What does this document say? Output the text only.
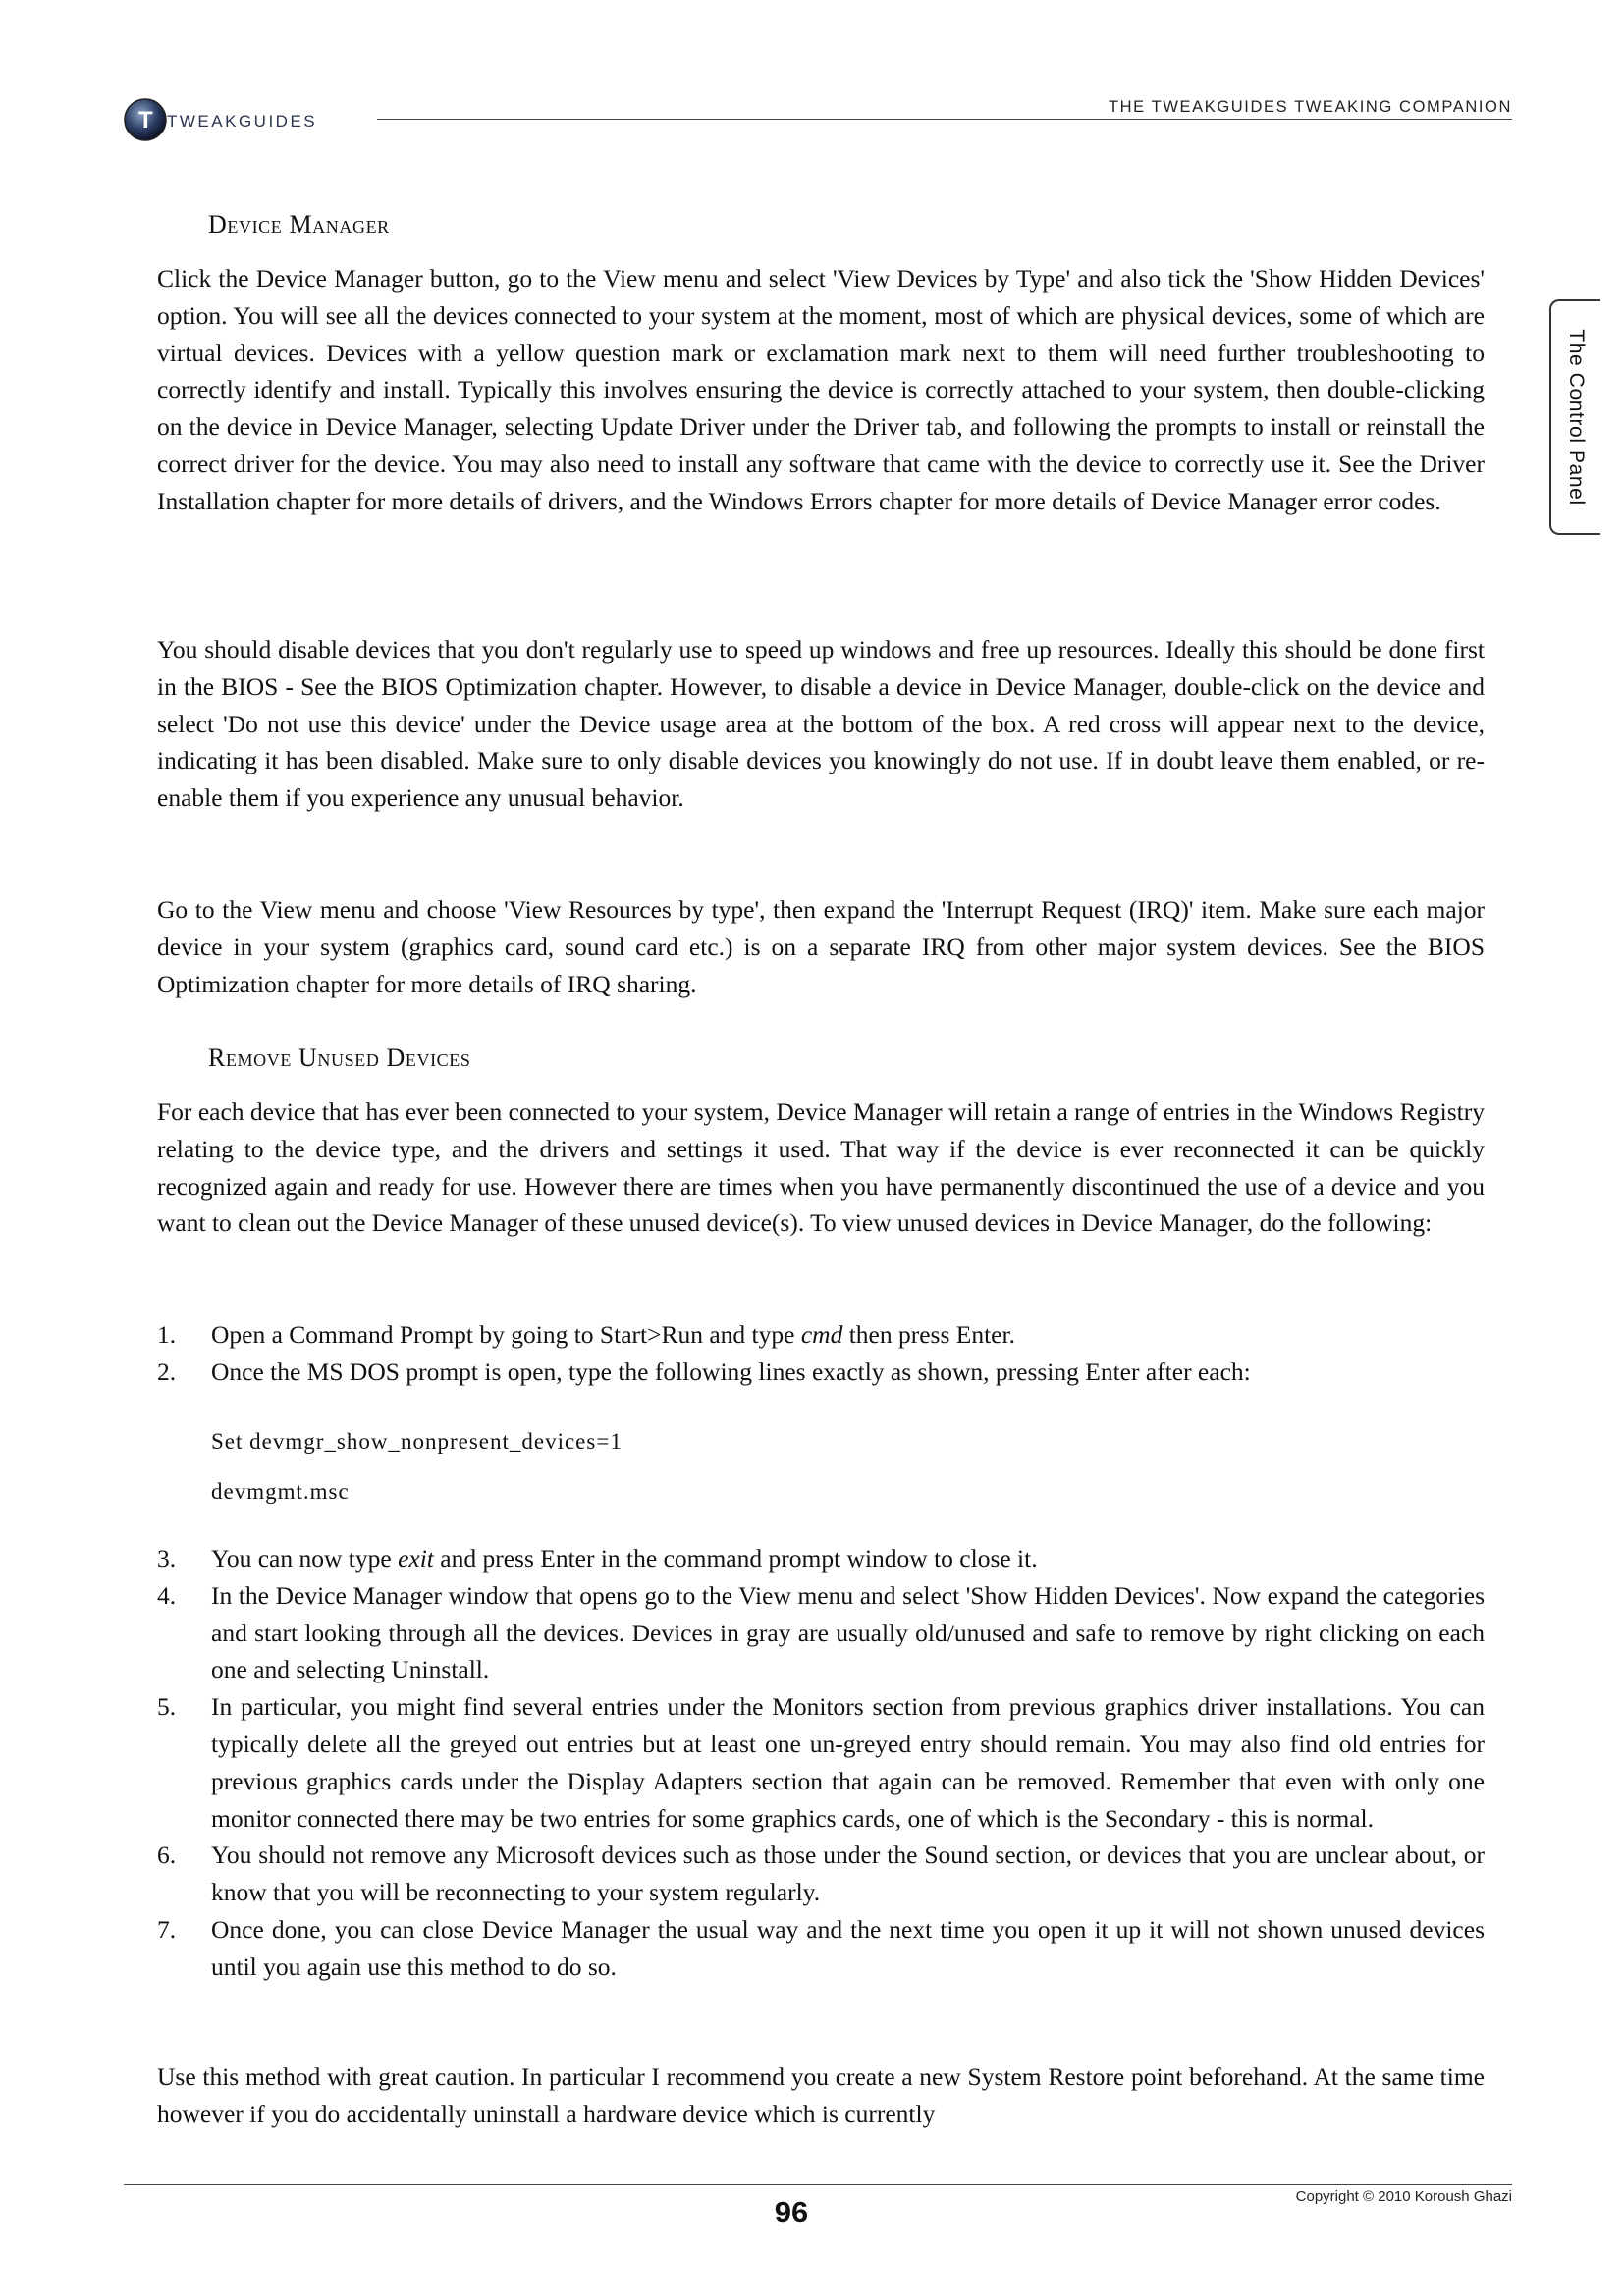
T TWEAKGUIDES
THE TWEAKGUIDES TWEAKING COMPANION
The Control Panel
Device Manager

Click the Device Manager button, go to the View menu and select 'View Devices by Type' and also tick the 'Show Hidden Devices' option. You will see all the devices connected to your system at the moment, most of which are physical devices, some of which are virtual devices. Devices with a yellow question mark or exclamation mark next to them will need further troubleshooting to correctly identify and install. Typically this involves ensuring the device is correctly attached to your system, then double-clicking on the device in Device Manager, selecting Update Driver under the Driver tab, and following the prompts to install or reinstall the correct driver for the device. You may also need to install any software that came with the device to correctly use it. See the Driver Installation chapter for more details of drivers, and the Windows Errors chapter for more details of Device Manager error codes.

You should disable devices that you don't regularly use to speed up windows and free up resources. Ideally this should be done first in the BIOS - See the BIOS Optimization chapter. However, to disable a device in Device Manager, double-click on the device and select 'Do not use this device' under the Device usage area at the bottom of the box. A red cross will appear next to the device, indicating it has been disabled. Make sure to only disable devices you knowingly do not use. If in doubt leave them enabled, or re-enable them if you experience any unusual behavior.

Go to the View menu and choose 'View Resources by type', then expand the 'Interrupt Request (IRQ)' item. Make sure each major device in your system (graphics card, sound card etc.) is on a separate IRQ from other major system devices. See the BIOS Optimization chapter for more details of IRQ sharing.

Remove Unused Devices

For each device that has ever been connected to your system, Device Manager will retain a range of entries in the Windows Registry relating to the device type, and the drivers and settings it used. That way if the device is ever reconnected it can be quickly recognized again and ready for use. However there are times when you have permanently discontinued the use of a device and you want to clean out the Device Manager of these unused device(s). To view unused devices in Device Manager, do the following:

1. Open a Command Prompt by going to Start>Run and type cmd then press Enter.
2. Once the MS DOS prompt is open, type the following lines exactly as shown, pressing Enter after each:
Set devmgr_show_nonpresent_devices=1
devmgmt.msc
3. You can now type exit and press Enter in the command prompt window to close it.
4. In the Device Manager window that opens go to the View menu and select 'Show Hidden Devices'. Now expand the categories and start looking through all the devices. Devices in gray are usually old/unused and safe to remove by right clicking on each one and selecting Uninstall.
5. In particular, you might find several entries under the Monitors section from previous graphics driver installations. You can typically delete all the greyed out entries but at least one un-greyed entry should remain. You may also find old entries for previous graphics cards under the Display Adapters section that again can be removed. Remember that even with only one monitor connected there may be two entries for some graphics cards, one of which is the Secondary - this is normal.
6. You should not remove any Microsoft devices such as those under the Sound section, or devices that you are unclear about, or know that you will be reconnecting to your system regularly.
7. Once done, you can close Device Manager the usual way and the next time you open it up it will not shown unused devices until you again use this method to do so.

Use this method with great caution. In particular I recommend you create a new System Restore point beforehand. At the same time however if you do accidentally uninstall a hardware device which is currently

96	Copyright © 2010 Koroush Ghazi
